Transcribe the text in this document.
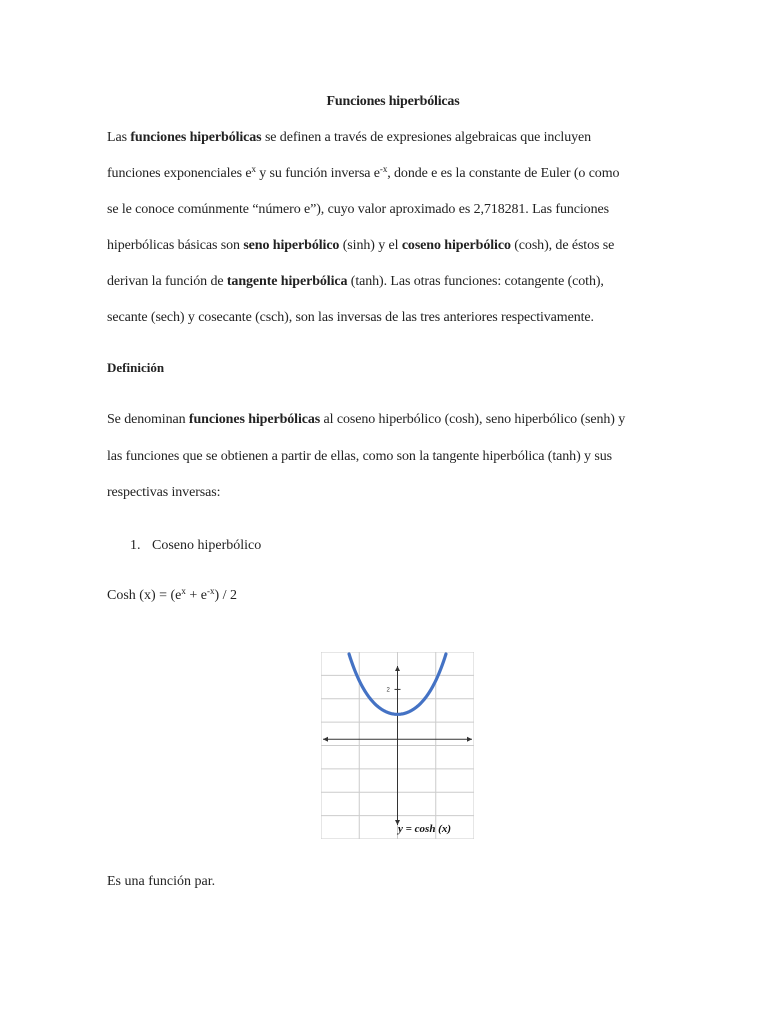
Funciones hiperbólicas
Las funciones hiperbólicas se definen a través de expresiones algebraicas que incluyen
funciones exponenciales $e^x$ y su función inversa $e^{-x}$, donde e es la constante de Euler (o como
se le conoce comúnmente “número e”), cuyo valor aproximado es 2,718281. Las funciones
hiperbólicas básicas son seno hiperbólico (sinh) y el coseno hiperbólico (cosh), de éstos se
derivan la función de tangente hiperbólica (tanh). Las otras funciones: cotangente (coth),
secante (sech) y cosecante (csch), son las inversas de las tres anteriores respectivamente.
Definición
Se denominan funciones hiperbólicas al coseno hiperbólico (cosh), seno hiperbólico (senh) y
las funciones que se obtienen a partir de ellas, como son la tangente hiperbólica (tanh) y sus
respectivas inversas:
1. Coseno hiperbólico
Cosh $(x) = (e^x + e^{-x}) / 2$
2
y = cosh (x)
Es una función par.
